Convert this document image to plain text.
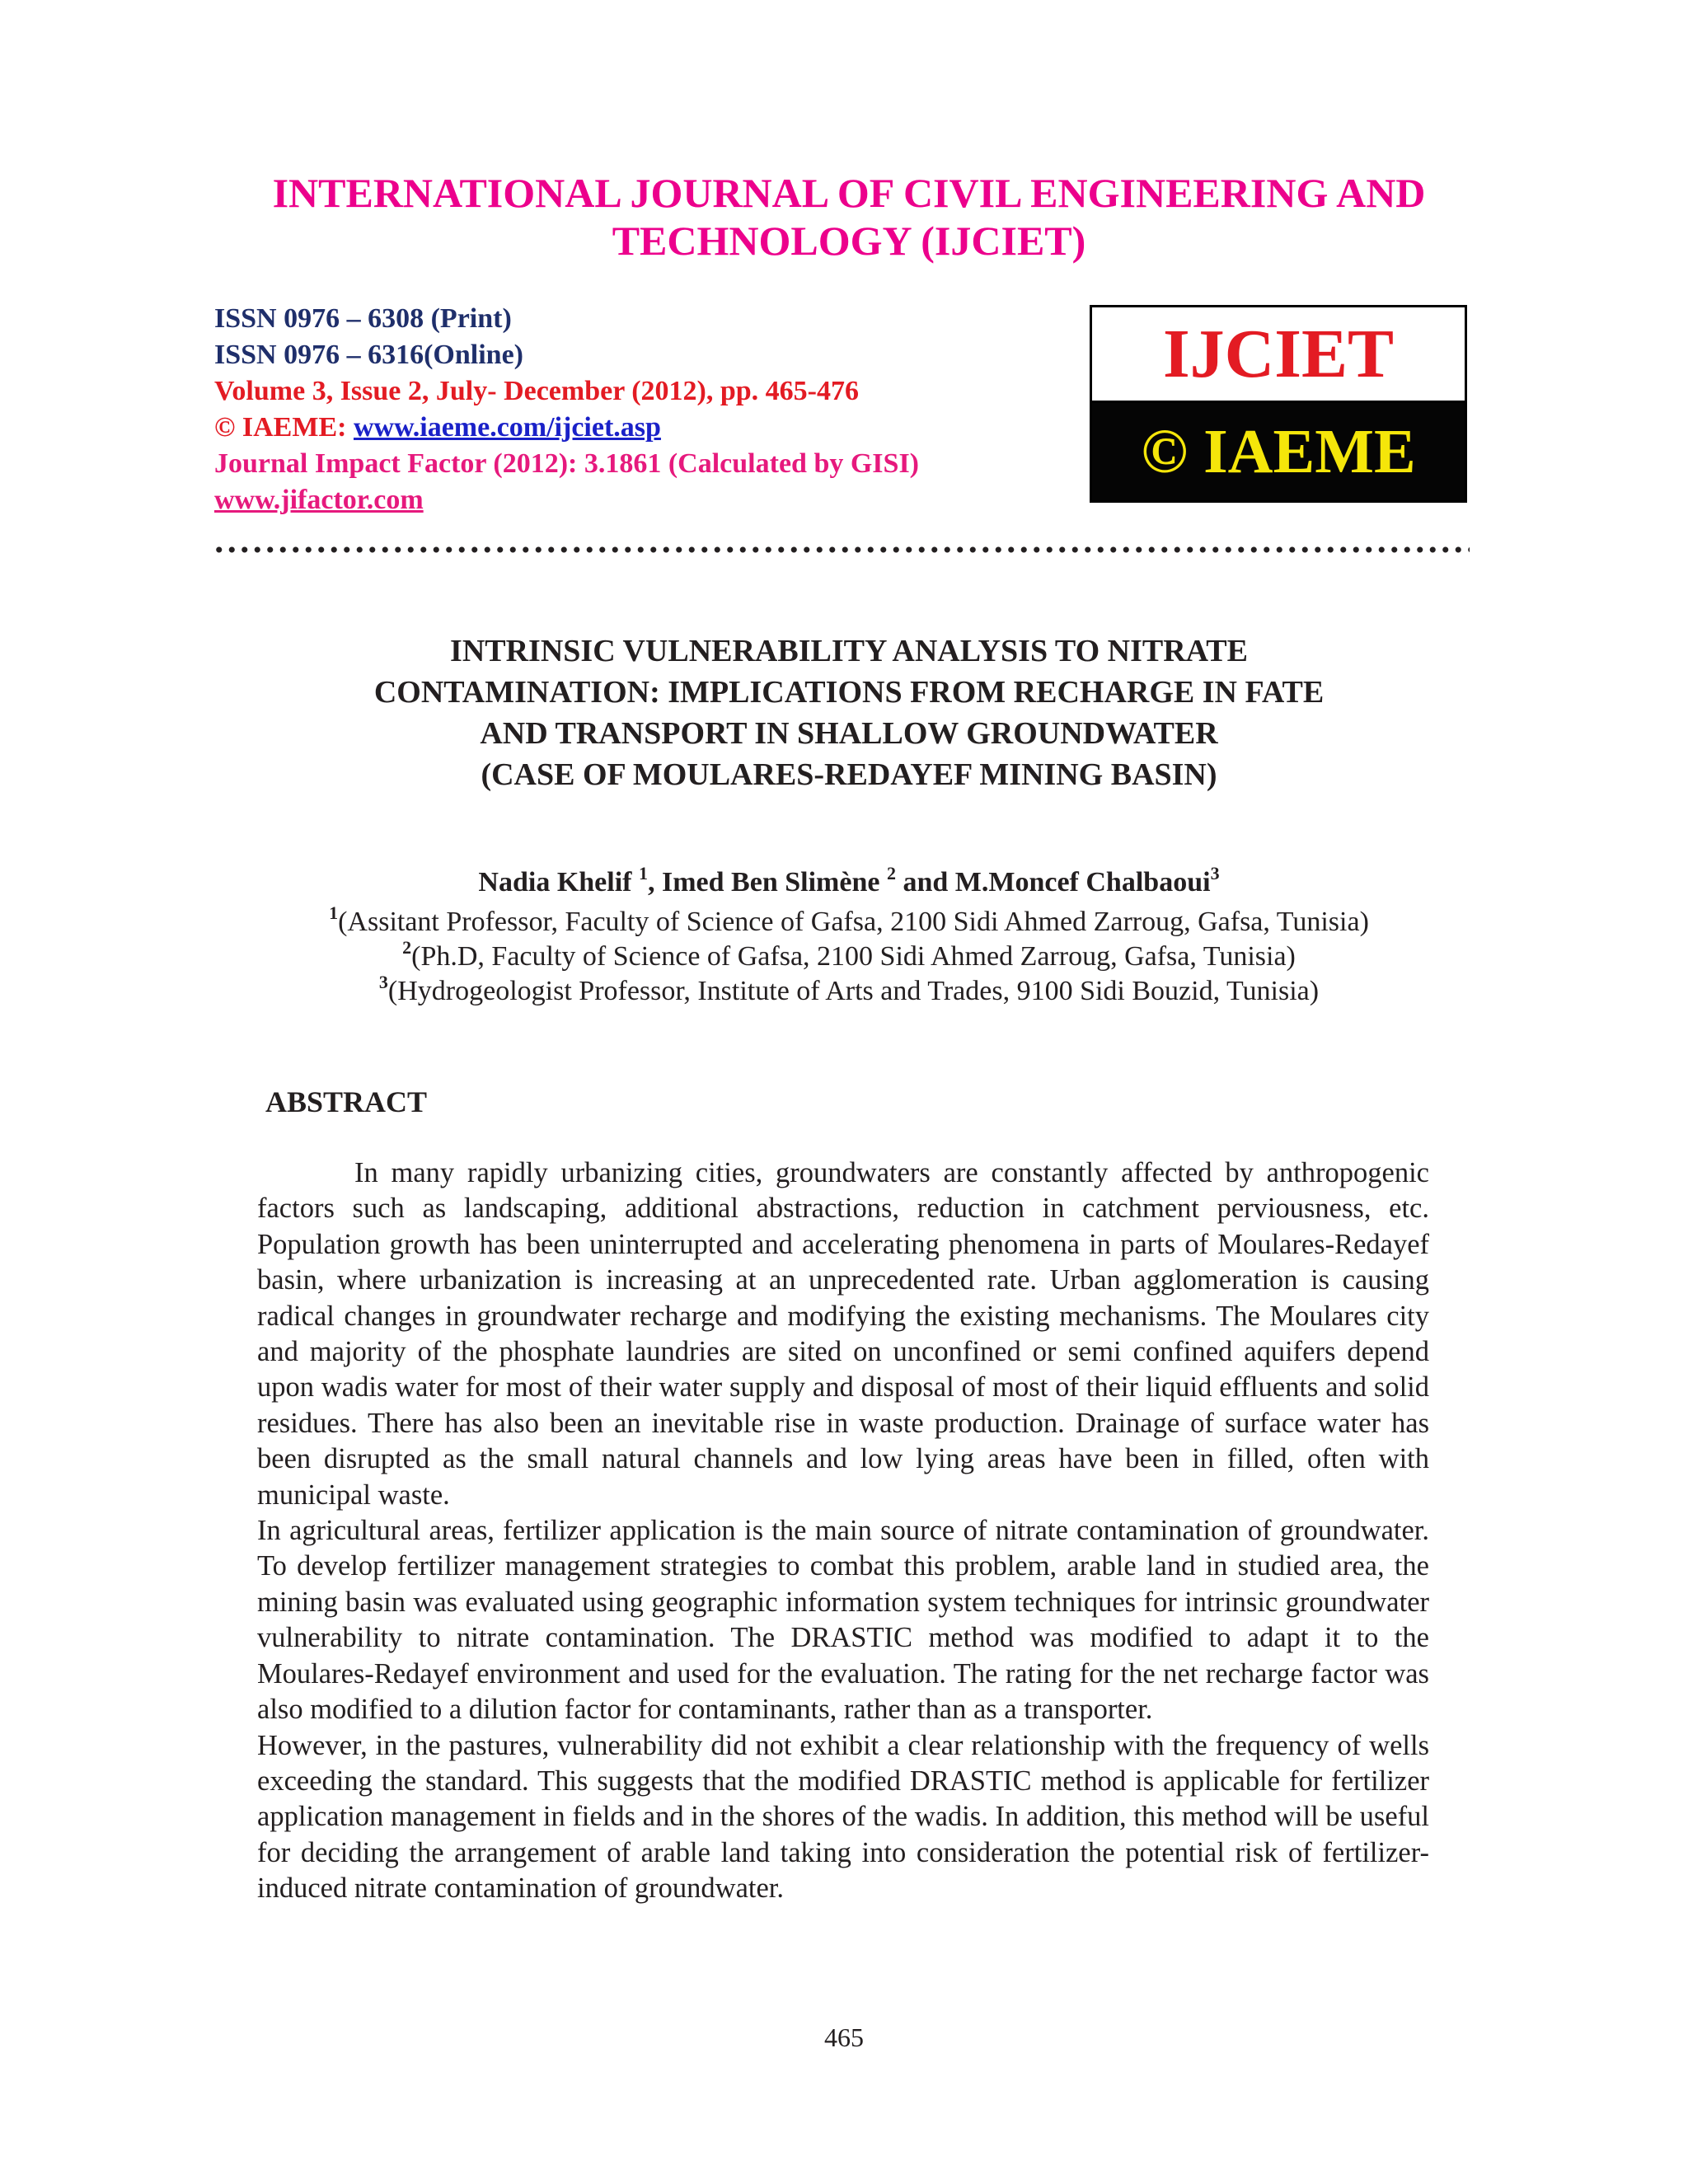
INTERNATIONAL JOURNAL OF CIVIL ENGINEERING AND
TECHNOLOGY (IJCIET)
ISSN 0976 – 6308 (Print)
ISSN 0976 – 6316(Online)
Volume 3, Issue 2, July- December (2012), pp. 465-476
© IAEME: www.iaeme.com/ijciet.asp
Journal Impact Factor (2012): 3.1861 (Calculated by GISI)
www.jifactor.com
IJCIET
© IAEME
INTRINSIC VULNERABILITY ANALYSIS TO NITRATE
CONTAMINATION: IMPLICATIONS FROM RECHARGE IN FATE
AND TRANSPORT IN SHALLOW GROUNDWATER
(CASE OF MOULARES-REDAYEF MINING BASIN)
Nadia Khelif $^1$, Imed Ben Slimène $^2$ and M.Moncef Chalbaoui$^3$
$^1$(Assitant Professor, Faculty of Science of Gafsa, 2100 Sidi Ahmed Zarroug, Gafsa, Tunisia)
$^2$(Ph.D, Faculty of Science of Gafsa, 2100 Sidi Ahmed Zarroug, Gafsa, Tunisia)
$^3$(Hydrogeologist Professor, Institute of Arts and Trades, 9100 Sidi Bouzid, Tunisia)
ABSTRACT

In many rapidly urbanizing cities, groundwaters are constantly affected by anthropogenic factors such as landscaping, additional abstractions, reduction in catchment perviousness, etc. Population growth has been uninterrupted and accelerating phenomena in parts of Moulares-Redayef basin, where urbanization is increasing at an unprecedented rate. Urban agglomeration is causing radical changes in groundwater recharge and modifying the existing mechanisms. The Moulares city and majority of the phosphate laundries are sited on unconfined or semi confined aquifers depend upon wadis water for most of their water supply and disposal of most of their liquid effluents and solid residues. There has also been an inevitable rise in waste production. Drainage of surface water has been disrupted as the small natural channels and low lying areas have been in filled, often with municipal waste.

In agricultural areas, fertilizer application is the main source of nitrate contamination of groundwater. To develop fertilizer management strategies to combat this problem, arable land in studied area, the mining basin was evaluated using geographic information system techniques for intrinsic groundwater vulnerability to nitrate contamination. The DRASTIC method was modified to adapt it to the Moulares-Redayef environment and used for the evaluation. The rating for the net recharge factor was also modified to a dilution factor for contaminants, rather than as a transporter.

However, in the pastures, vulnerability did not exhibit a clear relationship with the frequency of wells exceeding the standard. This suggests that the modified DRASTIC method is applicable for fertilizer application management in fields and in the shores of the wadis. In addition, this method will be useful for deciding the arrangement of arable land taking into consideration the potential risk of fertilizer-induced nitrate contamination of groundwater.

465
